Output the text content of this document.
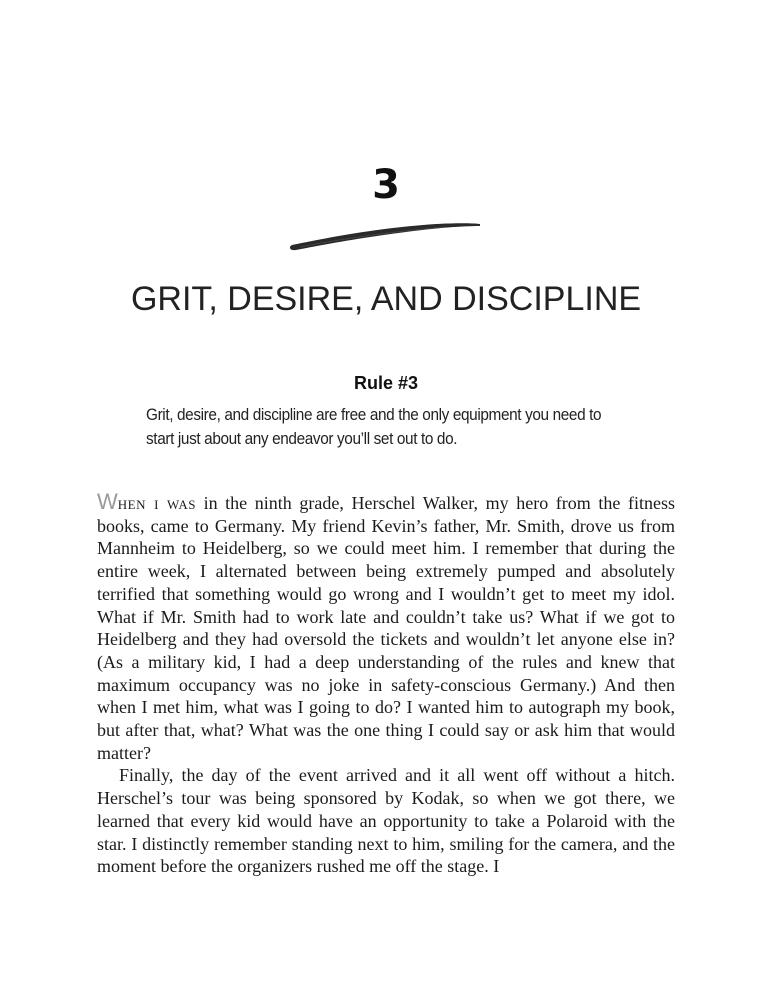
3
GRIT, DESIRE, AND DISCIPLINE
Rule #3
Grit, desire, and discipline are free and the only equipment you need to
start just about any endeavor you’ll set out to do.

When i was in the ninth grade, Herschel Walker, my hero from the fitness books, came to Germany. My friend Kevin’s father, Mr. Smith, drove us from Mannheim to Heidelberg, so we could meet him. I remember that during the entire week, I alternated between being extremely pumped and absolutely terrified that something would go wrong and I wouldn’t get to meet my idol. What if Mr. Smith had to work late and couldn’t take us? What if we got to Heidelberg and they had oversold the tickets and wouldn’t let anyone else in? (As a military kid, I had a deep understanding of the rules and knew that maximum occupancy was no joke in safety-conscious Germany.) And then when I met him, what was I going to do? I wanted him to autograph my book, but after that, what? What was the one thing I could say or ask him that would matter?

Finally, the day of the event arrived and it all went off without a hitch. Herschel’s tour was being sponsored by Kodak, so when we got there, we learned that every kid would have an opportunity to take a Polaroid with the star. I distinctly remember standing next to him, smiling for the camera, and the moment before the organizers rushed me off the stage. I
